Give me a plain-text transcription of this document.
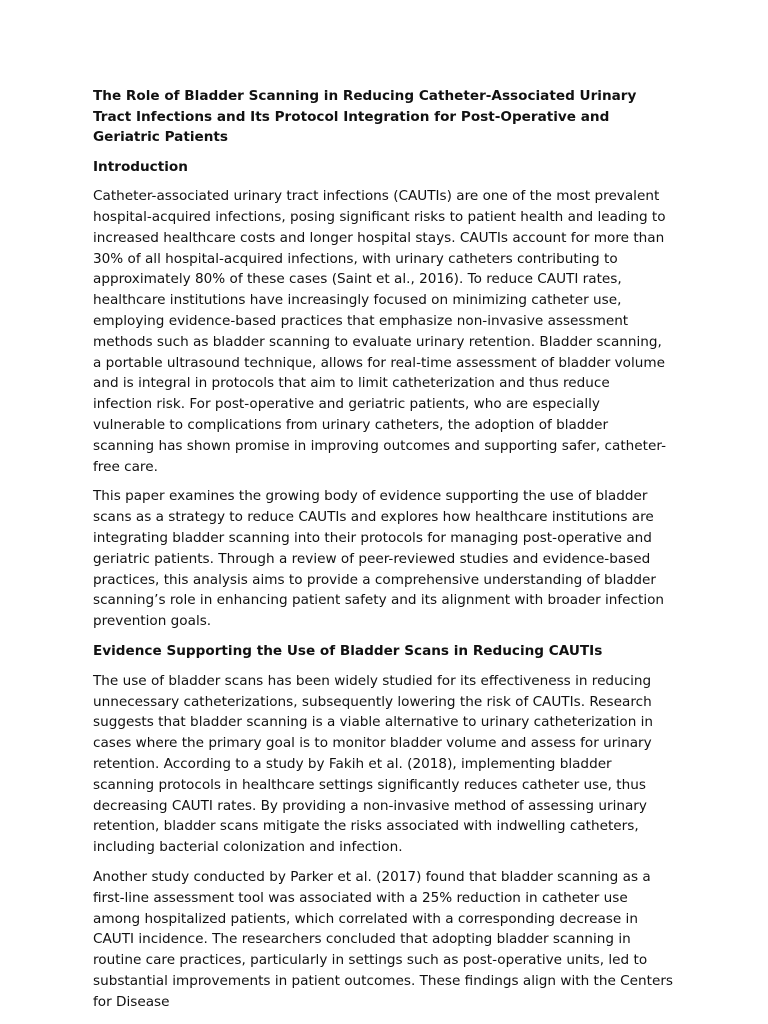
The Role of Bladder Scanning in Reducing Catheter-Associated Urinary Tract Infections and Its Protocol Integration for Post-Operative and Geriatric Patients
Introduction

Catheter-associated urinary tract infections (CAUTIs) are one of the most prevalent hospital-acquired infections, posing significant risks to patient health and leading to increased healthcare costs and longer hospital stays. CAUTIs account for more than 30% of all hospital-acquired infections, with urinary catheters contributing to approximately 80% of these cases (Saint et al., 2016). To reduce CAUTI rates, healthcare institutions have increasingly focused on minimizing catheter use, employing evidence-based practices that emphasize non-invasive assessment methods such as bladder scanning to evaluate urinary retention. Bladder scanning, a portable ultrasound technique, allows for real-time assessment of bladder volume and is integral in protocols that aim to limit catheterization and thus reduce infection risk. For post-operative and geriatric patients, who are especially vulnerable to complications from urinary catheters, the adoption of bladder scanning has shown promise in improving outcomes and supporting safer, catheter-free care.

This paper examines the growing body of evidence supporting the use of bladder scans as a strategy to reduce CAUTIs and explores how healthcare institutions are integrating bladder scanning into their protocols for managing post-operative and geriatric patients. Through a review of peer-reviewed studies and evidence-based practices, this analysis aims to provide a comprehensive understanding of bladder scanning’s role in enhancing patient safety and its alignment with broader infection prevention goals.

Evidence Supporting the Use of Bladder Scans in Reducing CAUTIs

The use of bladder scans has been widely studied for its effectiveness in reducing unnecessary catheterizations, subsequently lowering the risk of CAUTIs. Research suggests that bladder scanning is a viable alternative to urinary catheterization in cases where the primary goal is to monitor bladder volume and assess for urinary retention. According to a study by Fakih et al. (2018), implementing bladder scanning protocols in healthcare settings significantly reduces catheter use, thus decreasing CAUTI rates. By providing a non-invasive method of assessing urinary retention, bladder scans mitigate the risks associated with indwelling catheters, including bacterial colonization and infection.

Another study conducted by Parker et al. (2017) found that bladder scanning as a first-line assessment tool was associated with a 25% reduction in catheter use among hospitalized patients, which correlated with a corresponding decrease in CAUTI incidence. The researchers concluded that adopting bladder scanning in routine care practices, particularly in settings such as post-operative units, led to substantial improvements in patient outcomes. These findings align with the Centers for Disease
